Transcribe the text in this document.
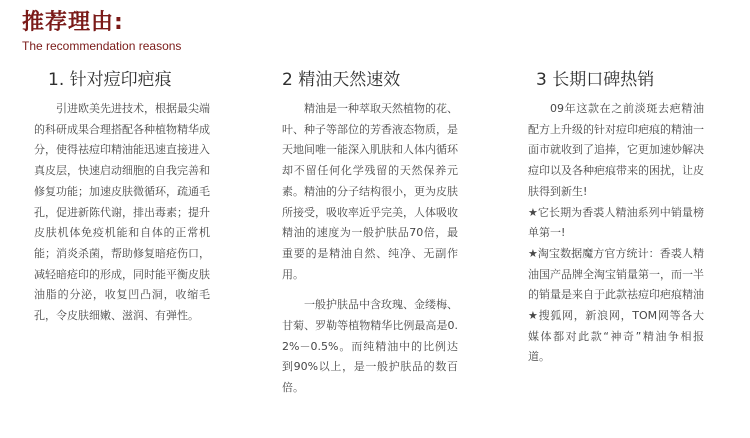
推荐理由:
The recommendation reasons
1. 针对痘印疤痕

引进欧美先进技术，根据最尖端的科研成果合理搭配各种植物精华成分，使得祛痘印精油能迅速直接进入真皮层，快速启动细胞的自我完善和修复功能；加速皮肤微循环，疏通毛孔，促进新陈代谢，排出毒素；提升皮肤机体免疫机能和自体的正常机能；消炎杀菌，帮助修复暗疮伤口，减轻暗疮印的形成，同时能平衡皮肤油脂的分泌，收复凹凸洞，收缩毛孔，令皮肤细嫩、滋润、有弹性。

2 精油天然速效

精油是一种萃取天然植物的花、叶、种子等部位的芳香液态物质，是天地间唯一能深入肌肤和人体内循环却不留任何化学残留的天然保养元素。精油的分子结构很小，更为皮肤所接受，吸收率近乎完美，人体吸收精油的速度为一般护肤品70倍，最重要的是精油自然、纯净、无副作用。

一般护肤品中含玫瑰、金缕梅、甘菊、罗勒等植物精华比例最高是0.2%－0.5%。而纯精油中的比例达到90%以上，是一般护肤品的数百倍。

3 长期口碑热销

09年这款在之前淡斑去疤精油配方上升级的针对痘印疤痕的精油一面市就收到了追捧，它更加速妙解决痘印以及各种疤痕带来的困扰，让皮肤得到新生!

★它长期为香裘人精油系列中销量榜单第一!
★淘宝数据魔方官方统计：香裘人精油国产品牌全淘宝销量第一，而一半的销量是来自于此款祛痘印疤痕精油
★搜狐网，新浪网，TOM网等各大媒体都对此款“神奇”精油争相报道。
